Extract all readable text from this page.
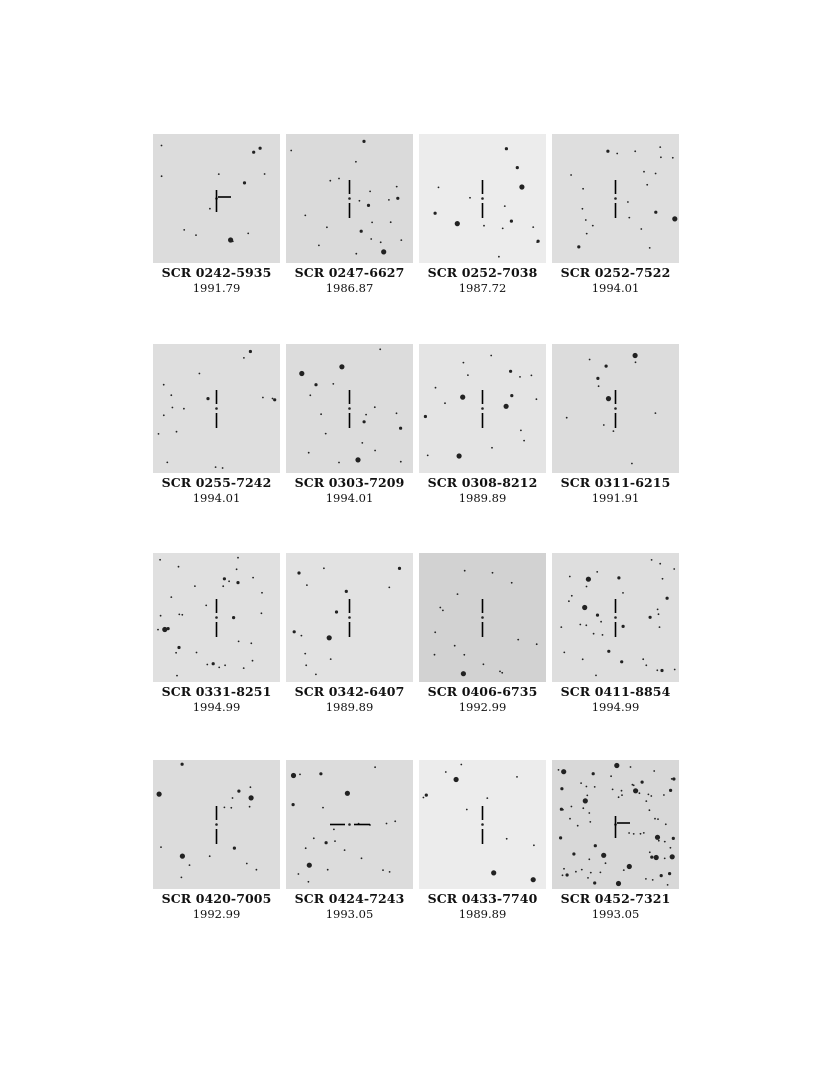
SCR 0242-5935
1991.79
SCR 0247-6627
1986.87
SCR 0252-7038
1987.72
SCR 0252-7522
1994.01
SCR 0255-7242
1994.01
SCR 0303-7209
1994.01
SCR 0308-8212
1989.89
SCR 0311-6215
1991.91
SCR 0331-8251
1994.99
SCR 0342-6407
1989.89
SCR 0406-6735
1992.99
SCR 0411-8854
1994.99
SCR 0420-7005
1992.99
SCR 0424-7243
1993.05
SCR 0433-7740
1989.89
SCR 0452-7321
1993.05
